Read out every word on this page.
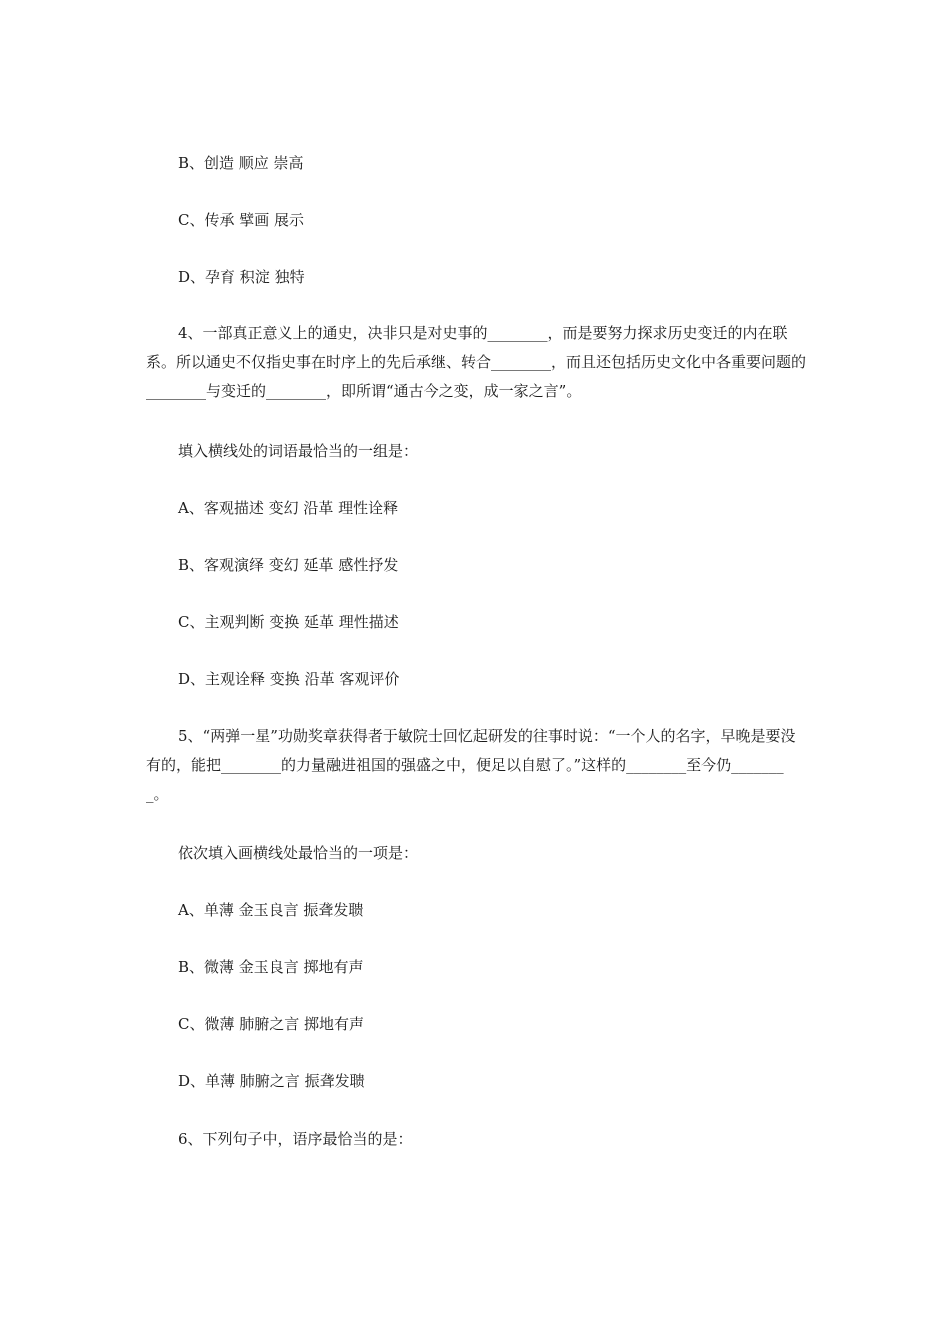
B、创造 顺应 崇高
C、传承 擘画 展示
D、孕育 积淀 独特
4、一部真正意义上的通史，决非只是对史事的________，而是要努力探求历史变迁的内在联系。所以通史不仅指史事在时序上的先后承继、转合________，而且还包括历史文化中各重要问题的________与变迁的________，即所谓“通古今之变，成一家之言”。
填入横线处的词语最恰当的一组是：
A、客观描述 变幻 沿革 理性诠释
B、客观演绎 变幻 延革 感性抒发
C、主观判断 变换 延革 理性描述
D、主观诠释 变换 沿革 客观评价
5、“两弹一星”功勋奖章获得者于敏院士回忆起研发的往事时说：“一个人的名字，早晚是要没有的，能把________的力量融进祖国的强盛之中，便足以自慰了。”这样的________至今仍________。
依次填入画横线处最恰当的一项是：
A、单薄 金玉良言 振聋发聩
B、微薄 金玉良言 掷地有声
C、微薄 肺腑之言 掷地有声
D、单薄 肺腑之言 振聋发聩
6、下列句子中，语序最恰当的是：
